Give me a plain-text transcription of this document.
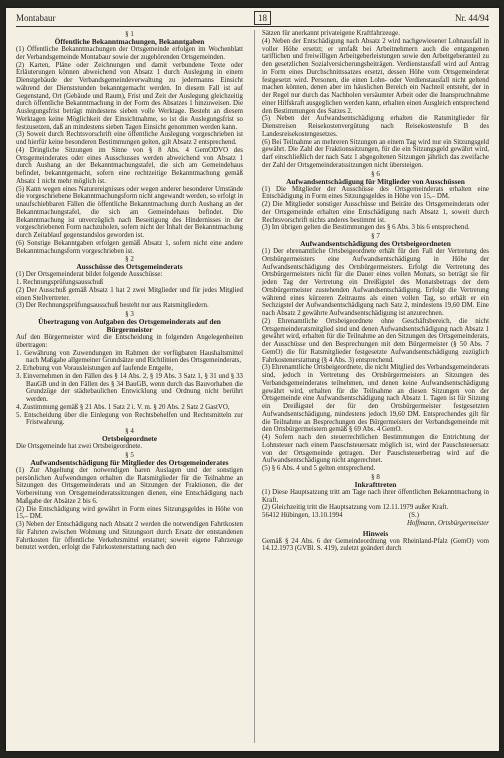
Montabaur	18	Nr. 44/94
§ 1
Öffentliche Bekanntmachungen, Bekanntgaben
(1) Öffentliche Bekanntmachungen der Ortsgemeinde erfolgen im Wochenblatt der Verbandsgemeinde Montabaur sowie der zugehörenden Ortsgemeinden.
(2) Karten, Pläne oder Zeichnungen und damit verbundene Texte oder Erläuterungen können abweichend von Absatz 1 durch Auslegung in einem Dienstgebäude der Verbandsgemeindeverwaltung zu jedermanns Einsicht während der Dienststunden bekanntgemacht werden. In diesem Fall ist auf Gegenstand, Ort (Gebäude und Raum), Frist und Zeit der Auslegung gleichzeitig durch öffentliche Bekanntmachung in der Form des Absatzes 1 hinzuweisen. Die Auslegungsfrist beträgt mindestens sieben volle Werktage. Besteht an diesem Werktagen keine Möglichkeit der Einsichtnahme, so ist die Auslegungsfrist so festzusetzen, daß an mindestens sieben Tagen Einsicht genommen werden kann.
(3) Soweit durch Rechtsvorschrift eine öffentliche Auslegung vorgeschrieben ist und hierfür keine besonderen Bestimmungen gelten, gilt Absatz 2 entsprechend.
(4) Dringliche Sitzungen im Sinne von § 8 Abs. 4 GemODVO des Ortsgemeinderates oder eines Ausschusses werden abweichend von Absatz 1 durch Aushang an der Bekanntmachungstafel, die sich am Gemeindehaus befindet, bekanntgemacht, sofern eine rechtzeitige Bekanntmachung gemäß Absatz 1 nicht mehr möglich ist.
(5) Kann wegen eines Naturereignisses oder wegen anderer besonderer Umstände die vorgeschriebene Bekanntmachungsform nicht angewandt werden, so erfolgt in unaufschiebbaren Fällen die öffentliche Bekanntmachung durch Aushang an der Bekanntmachungstafel, die sich am Gemeindehaus befindet. Die Bekanntmachung ist unverzüglich nach Beseitigung des Hindernisses in der vorgeschriebenen Form nachzuholen, sofern nicht der Inhalt der Bekanntmachung durch Zeitablauf gegenstandslos geworden ist.
(6) Sonstige Bekanntgaben erfolgen gemäß Absatz 1, sofern nicht eine andere Bekanntmachungsform vorgeschrieben ist.
§ 2
Ausschüsse des Ortsgemeinderats
(1) Der Ortsgemeinderat bildet folgende Ausschüsse:
1. Rechnungsprüfungsausschuß
(2) Der Ausschuß gemäß Absatz 1 hat 2 zwei Mitglieder und für jedes Mitglied einen Stellvertreter.
(3) Der Rechnungsprüfungsausschuß besteht nur aus Ratsmitgliedern.
§ 3
Übertragung von Aufgaben des Ortsgemeinderats auf den Bürgermeister
Auf den Bürgermeister wird die Entscheidung in folgenden Angelegenheiten übertragen:
1. Gewährung von Zuwendungen im Rahmen der verfügbaren Haushaltsmittel nach Maßgabe allgemeiner Grundsätze und Richtlinien des Ortsgemeinderats,
2. Erhebung von Vorausleistungen auf laufende Entgelte,
3. Einvernehmen in den Fällen des § 14 Abs. 2, § 19 Abs. 3 Satz 1, § 31 und § 33 BauGB und in den Fällen des § 34 BauGB, wenn durch das Bauvorhaben die Grundzüge der städtebaulichen Entwicklung und Ordnung nicht berührt werden.
4. Zustimmung gemäß § 21 Abs. 1 Satz 2 i. V. m. § 20 Abs. 2 Satz 2 GastVO,
5. Entscheidung über die Einlegung von Rechtsbehelfen und Rechtsmitteln zur Fristwahrung.
§ 4
Ortsbeigeordnete
Die Ortsgemeinde hat zwei Ortsbeigeordnete.
§ 5
Aufwandsentschädigung für Mitglieder des Ortsgemeinderates
(1) Zur Abgeltung der notwendigen baren Auslagen und der sonstigen persönlichen Aufwendungen erhalten die Ratsmitglieder für die Teilnahme an Sitzungen des Ortsgemeinderats und an Sitzungen der Fraktionen, die der Vorbereitung von Ortsgemeinderatssitzungen dienen, eine Entschädigung nach Maßgabe der Absätze 2 bis 6.
(2) Die Entschädigung wird gewährt in Form eines Sitzungsgeldes in Höhe von 15,– DM.
(3) Neben der Entschädigung nach Absatz 2 werden die notwendigen Fahrtkosten für Fahrten zwischen Wohnung und Sitzungsort durch Ersatz der entstandenen Fahrtkosten für öffentliche Verkehrsmittel erstattet; soweit eigene Fahrzeuge benutzt werden, erfolgt die Fahrkostenerstattung nach den
Sätzen für anerkannt privateigene Kraftfahrzeuge.
(4) Neben der Entschädigung nach Absatz 2 wird nachgewiesener Lohnausfall in voller Höhe ersetzt; er umfaßt bei Arbeitnehmern auch die entgangenen tariflichen und freiwilligen Arbeitgeberleistungen sowie den Arbeitgeberanteil zu den gesetzlichen Sozialversicherungsbeiträgen. Verdienstausfall wird auf Antrag in Form eines Durchschnittssatzes ersetzt, dessen Höhe vom Ortsgemeinderat festgesetzt wird. Personen, die einen Lohn- oder Verdienstausfall nicht geltend machen können, denen aber im häuslichen Bereich ein Nachteil entsteht, der in der Regel nur durch das Nachholen versäumter Arbeit oder die Inanspruchnahme einer Hilfskraft ausgeglichen werden kann, erhalten einen Ausgleich entsprechend den Bestimmungen des Satzes 2.
(5) Neben der Aufwandsentschädigung erhalten die Ratsmitglieder für Dienstreisen Reisekostenvergütung nach Reisekostenstufe B des Landesreisekostengesetzes.
(6) Bei Teilnahme an mehreren Sitzungen an einem Tag wird nur ein Sitzungsgeld gewährt. Die Zahl der Fraktionssitzungen, für die ein Sitzungsgeld gewährt wird, darf einschließlich der nach Satz 1 abgegoltenen Sitzungen jährlich das zweifache der Zahl der Ortsgemeinderatssitzungen nicht übersteigen.
§ 6
Aufwandsentschädigung für Mitglieder von Ausschüssen
(1) Die Mitglieder der Ausschüsse des Ortsgemeinderats erhalten eine Entschädigung in Form eines Sitzungsgeldes in Höhe von 15,– DM.
(2) Die Mitglieder sonstiger Ausschüsse und Beiräte des Ortsgemeinderats oder der Ortsgemeinde erhalten eine Entschädigung nach Absatz 1, soweit durch Rechtsvorschrift nichts anderes bestimmt ist.
(3) Im übrigen gelten die Bestimmungen des § 6 Abs. 3 bis 6 entsprechend.
§ 7
Aufwandsentschädigung des Ortsbeigeordneten
(1) Der ehrenamtliche Ortsbeigeordnete erhält für den Fall der Vertretung des Ortsbürgermeisters eine Aufwandsentschädigung in Höhe der Aufwandsentschädigung des Ortsbürgermeisters. Erfolgt die Vertretung des Ortsbürgermeisters nicht für die Dauer eines vollen Monats, so beträgt sie für jeden Tag der Vertretung ein Dreißigstel des Monatsbetrags der dem Ortsbürgermeister zustehenden Aufwandsentschädigung. Erfolgt die Vertretung während eines kürzeren Zeitraums als einen vollen Tag, so erhält er ein Sechzigstel der Aufwandsentschädigung nach Satz 2, mindestens 19,60 DM. Eine nach Absatz 2 gewährte Aufwandsentschädigung ist anzurechnen.
(2) Ehrenamtliche Ortsbeigeordnete ohne Geschäftsbereich, die nicht Ortsgemeinderatsmitglied sind und denen Aufwandsentschädigung nach Absatz 1 gewährt wird, erhalten für die Teilnahme an den Sitzungen des Ortsgemeinderats, der Ausschüsse und den Besprechungen mit dem Bürgermeister (§ 50 Abs. 7 GemO) die für Ratsmitglieder festgesetzte Aufwandsentschädigung zuzüglich Fahrkostenerstattung (§ 4 Abs. 3) entsprechend.
(3) Ehrenamtliche Ortsbeigeordnete, die nicht Mitglied des Verbandsgemeinderats sind, jedoch in Vertretung des Ortsbürgermeisters an Sitzungen des Verbandsgemeinderates teilnehmen, und denen keine Aufwandsentschädigung gewährt wird, erhalten für die Teilnahme an diesen Sitzungen von der Ortsgemeinde eine Aufwandsentschädigung nach Absatz 1. Tagen ist für Sitzung ein Dreißigstel der für den Ortsbürgermeister festgesetzten Aufwandsentschädigung, mindestens jedoch 19,60 DM. Entsprechendes gilt für die Teilnahme an Besprechungen des Bürgermeisters der Verbandsgemeinde mit den Ortsbürgermeistern gemäß § 69 Abs. 4 GemO.
(4) Sofern nach den steuerrechtlichen Bestimmungen die Entrichtung der Lohnsteuer nach einem Pauschsteuersatz möglich ist, wird der Pauschsteuersatz von der Ortsgemeinde getragen. Der Pauschsteuerbetrag wird auf die Aufwandsentschädigung nicht angerechnet.
(5) § 6 Abs. 4 und 5 gelten entsprechend.
§ 8
Inkrafttreten
(1) Diese Hauptsatzung tritt am Tage nach ihrer öffentlichen Bekanntmachung in Kraft.
(2) Gleichzeitig tritt die Hauptsatzung vom 12.11.1979 außer Kraft.
56412 Hübingen, 13.10.1994	(S.)
Hoffmann, Ortsbürgermeister
Hinweis
Gemäß § 24 Abs. 6 der Gemeindeordnung von Rheinland-Pfalz (GemO) vom 14.12.1973 (GVBl. S. 419), zuletzt geändert durch
